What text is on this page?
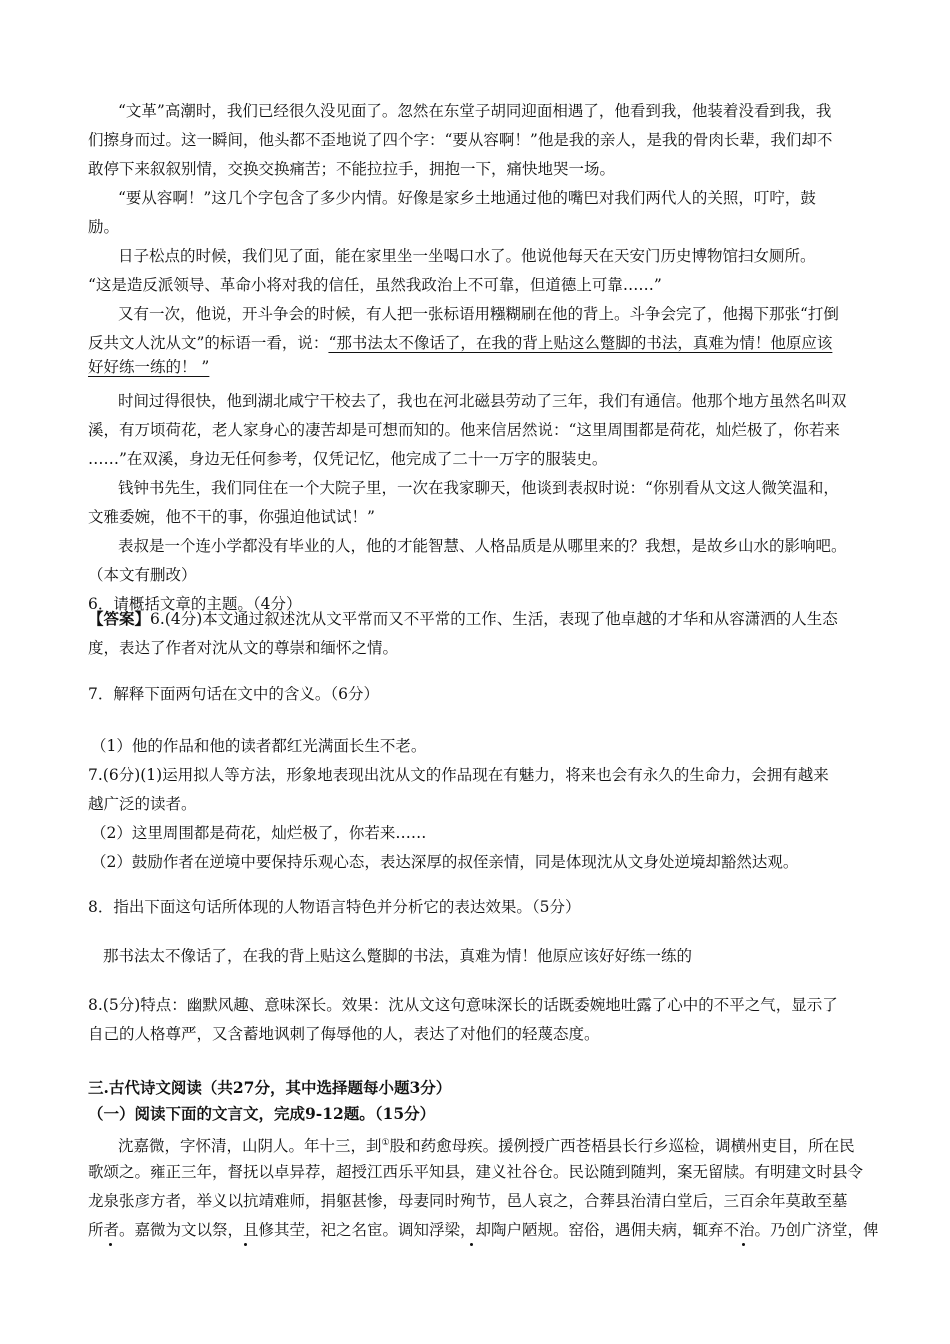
“文革”高潮时，我们已经很久没见面了。忽然在东堂子胡同迎面相遇了，他看到我，他装着没看到我，我
们擦身而过。这一瞬间，他头都不歪地说了四个字：“要从容啊！”他是我的亲人，是我的骨肉长辈，我们却不
敢停下来叙叙别情，交换交换痛苦；不能拉拉手，拥抱一下，痛快地哭一场。
“要从容啊！”这几个字包含了多少内情。好像是家乡土地通过他的嘴巴对我们两代人的关照，叮咛，鼓
励。
日子松点的时候，我们见了面，能在家里坐一坐喝口水了。他说他每天在天安门历史博物馆扫女厕所。
“这是造反派领导、革命小将对我的信任，虽然我政治上不可靠，但道德上可靠……”
又有一次，他说，开斗争会的时候，有人把一张标语用糨糊刷在他的背上。斗争会完了，他揭下那张“打倒
反共文人沈从文”的标语一看，说：“那书法太不像话了，在我的背上贴这么蹩脚的书法，真难为情！他原应该
好好练一练的！ ”
时间过得很快，他到湖北咸宁干校去了，我也在河北磁县劳动了三年，我们有通信。他那个地方虽然名叫双
溪，有万顷荷花，老人家身心的凄苦却是可想而知的。他来信居然说：“这里周围都是荷花，灿烂极了，你若来
……”在双溪，身边无任何参考，仅凭记忆，他完成了二十一万字的服装史。
钱钟书先生，我们同住在一个大院子里，一次在我家聊天，他谈到表叔时说：“你别看从文这人微笑温和，
文雅委婉，他不干的事，你强迫他试试！”
表叔是一个连小学都没有毕业的人，他的才能智慧、人格品质是从哪里来的？我想，是故乡山水的影响吧。
（本文有删改）
6．请概括文章的主题。（4分）
【答案】6.(4分)本文通过叙述沈从文平常而又不平常的工作、生活，表现了他卓越的才华和从容潇洒的人生态
度，表达了作者对沈从文的尊崇和缅怀之情。
7．解释下面两句话在文中的含义。（6分）
（1）他的作品和他的读者都红光满面长生不老。
7.(6分)(1)运用拟人等方法，形象地表现出沈从文的作品现在有魅力，将来也会有永久的生命力，会拥有越来
越广泛的读者。
（2）这里周围都是荷花，灿烂极了，你若来……
（2）鼓励作者在逆境中要保持乐观心态，表达深厚的叔侄亲情，同是体现沈从文身处逆境却豁然达观。
8．指出下面这句话所体现的人物语言特色并分析它的表达效果。（5分）
那书法太不像话了，在我的背上贴这么蹩脚的书法，真难为情！他原应该好好练一练的
8.(5分)特点：幽默风趣、意味深长。效果：沈从文这句意味深长的话既委婉地吐露了心中的不平之气，显示了
自己的人格尊严，又含蓄地讽刺了侮辱他的人，表达了对他们的轻蔑态度。
三.古代诗文阅读（共27分，其中选择题每小题3分）
（一）阅读下面的文言文，完成9-12题。（15分）
沈嘉微，字怀清，山阴人。年十三，刲①股和药愈母疾。援例授广西苍梧县长行乡巡检，调横州吏目，所在民
歌颂之。雍正三年，督抚以卓异荐，超授江西乐平知县，建义社谷仓。民讼随到随判，案无留牍。有明建文时县令
龙泉张彦方者，举义以抗靖难师，捐躯甚惨，母妻同时殉节，邑人哀之，合葬县治清白堂后，三百余年莫敢至墓
所者。嘉微为文以祭，且修其茔，祀之名宦。调知浮梁，却陶户陋规。窑俗，遇佣夫病，辄弃不治。乃创广济堂，俾
